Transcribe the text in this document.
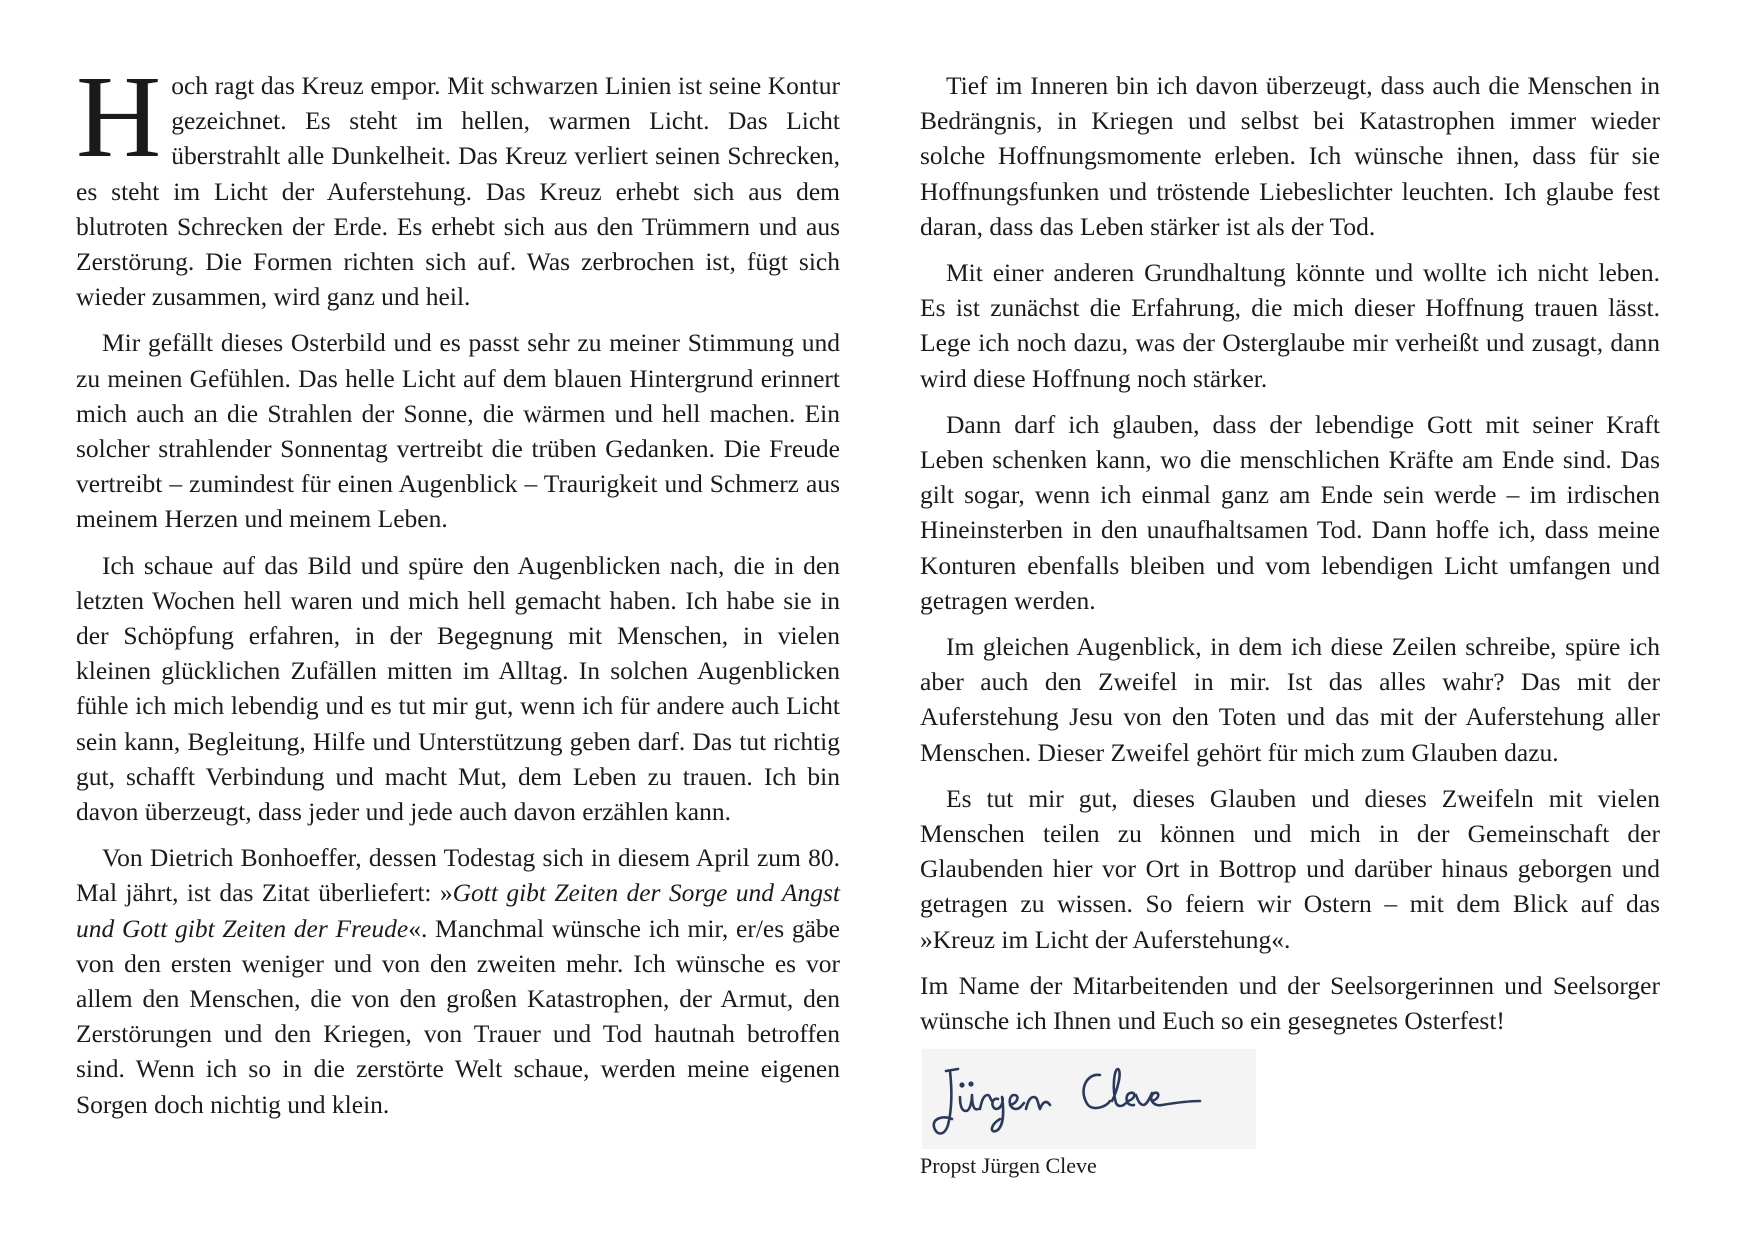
Hoch ragt das Kreuz empor. Mit schwarzen Linien ist seine Kontur gezeichnet. Es steht im hellen, warmen Licht. Das Licht überstrahlt alle Dunkelheit. Das Kreuz verliert seinen Schrecken, es steht im Licht der Auferstehung. Das Kreuz erhebt sich aus dem blutroten Schrecken der Erde. Es erhebt sich aus den Trümmern und aus Zerstörung. Die Formen richten sich auf. Was zerbrochen ist, fügt sich wieder zusammen, wird ganz und heil.

Mir gefällt dieses Osterbild und es passt sehr zu meiner Stimmung und zu meinen Gefühlen. Das helle Licht auf dem blauen Hintergrund erinnert mich auch an die Strahlen der Sonne, die wärmen und hell machen. Ein solcher strahlender Sonnentag vertreibt die trüben Gedanken. Die Freude vertreibt – zumindest für einen Augenblick – Traurigkeit und Schmerz aus meinem Herzen und meinem Leben.

Ich schaue auf das Bild und spüre den Augenblicken nach, die in den letzten Wochen hell waren und mich hell gemacht haben. Ich habe sie in der Schöpfung erfahren, in der Begegnung mit Menschen, in vielen kleinen glücklichen Zufällen mitten im Alltag. In solchen Augenblicken fühle ich mich lebendig und es tut mir gut, wenn ich für andere auch Licht sein kann, Begleitung, Hilfe und Unterstützung geben darf. Das tut richtig gut, schafft Verbindung und macht Mut, dem Leben zu trauen. Ich bin davon überzeugt, dass jeder und jede auch davon erzählen kann.

Von Dietrich Bonhoeffer, dessen Todestag sich in diesem April zum 80. Mal jährt, ist das Zitat überliefert: »Gott gibt Zeiten der Sorge und Angst und Gott gibt Zeiten der Freude«. Manchmal wünsche ich mir, er/es gäbe von den ersten weniger und von den zweiten mehr. Ich wünsche es vor allem den Menschen, die von den großen Katastrophen, der Armut, den Zerstörungen und den Kriegen, von Trauer und Tod hautnah betroffen sind. Wenn ich so in die zerstörte Welt schaue, werden meine eigenen Sorgen doch nichtig und klein.

Tief im Inneren bin ich davon überzeugt, dass auch die Menschen in Bedrängnis, in Kriegen und selbst bei Katastrophen immer wieder solche Hoffnungsmomente erleben. Ich wünsche ihnen, dass für sie Hoffnungsfunken und tröstende Liebeslichter leuchten. Ich glaube fest daran, dass das Leben stärker ist als der Tod.

Mit einer anderen Grundhaltung könnte und wollte ich nicht leben. Es ist zunächst die Erfahrung, die mich dieser Hoffnung trauen lässt. Lege ich noch dazu, was der Osterglaube mir verheißt und zusagt, dann wird diese Hoffnung noch stärker.

Dann darf ich glauben, dass der lebendige Gott mit seiner Kraft Leben schenken kann, wo die menschlichen Kräfte am Ende sind. Das gilt sogar, wenn ich einmal ganz am Ende sein werde – im irdischen Hineinsterben in den unaufhaltsamen Tod. Dann hoffe ich, dass meine Konturen ebenfalls bleiben und vom lebendigen Licht umfangen und getragen werden.

Im gleichen Augenblick, in dem ich diese Zeilen schreibe, spüre ich aber auch den Zweifel in mir. Ist das alles wahr? Das mit der Auferstehung Jesu von den Toten und das mit der Auferstehung aller Menschen. Dieser Zweifel gehört für mich zum Glauben dazu.

Es tut mir gut, dieses Glauben und dieses Zweifeln mit vielen Menschen teilen zu können und mich in der Gemeinschaft der Glaubenden hier vor Ort in Bottrop und darüber hinaus geborgen und getragen zu wissen. So feiern wir Ostern – mit dem Blick auf das »Kreuz im Licht der Auferstehung«.

Im Name der Mitarbeitenden und der Seelsorgerinnen und Seelsorger wünsche ich Ihnen und Euch so ein gesegnetes Osterfest!

Propst Jürgen Cleve
